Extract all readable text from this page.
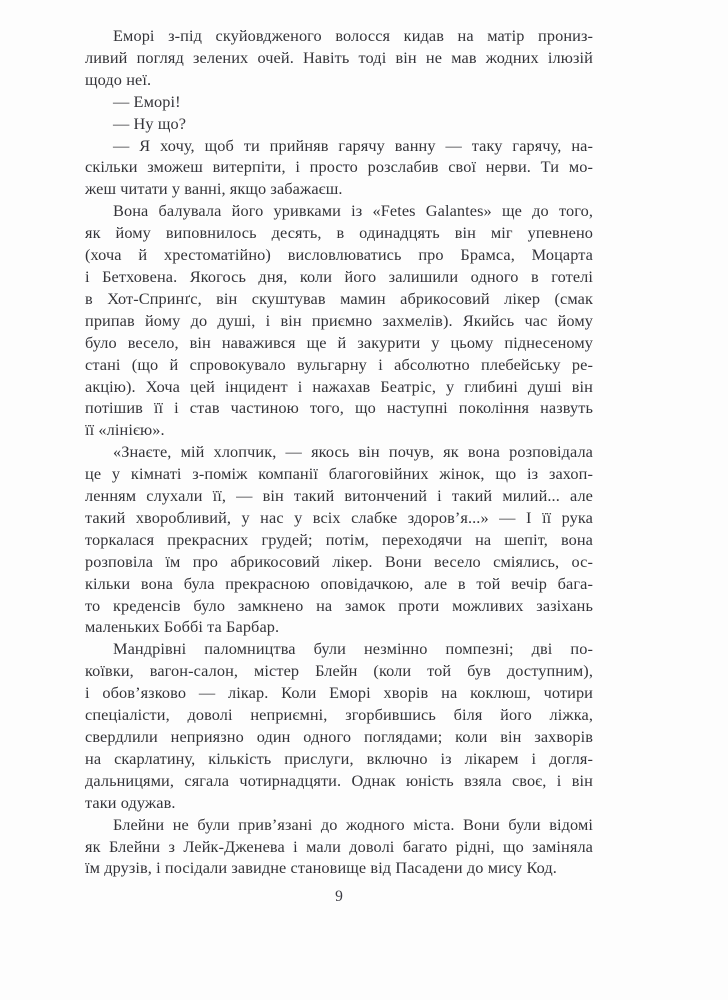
Еморі з-під скуйовдженого волосся кидав на матір прониз-
ливий погляд зелених очей. Навіть тоді він не мав жодних ілюзій
щодо неї.
— Еморі!
— Ну що?
— Я хочу, щоб ти прийняв гарячу ванну — таку гарячу, на-
скільки зможеш витерпіти, і просто розслабив свої нерви. Ти мо-
жеш читати у ванні, якщо забажаєш.
Вона балувала його уривками із «Fetes Galantes» ще до того,
як йому виповнилось десять, в одинадцять він міг упевнено
(хоча й хрестоматійно) висловлюватись про Брамса, Моцарта
і Бетховена. Якогось дня, коли його залишили одного в готелі
в Хот-Спринґс, він скуштував мамин абрикосовий лікер (смак
припав йому до душі, і він приємно захмелів). Якийсь час йому
було весело, він наважився ще й закурити у цьому піднесеному
стані (що й спровокувало вульгарну і абсолютно плебейську ре-
акцію). Хоча цей інцидент і нажахав Беатріс, у глибині душі він
потішив її і став частиною того, що наступні покоління назвуть
її «лінією».
«Знаєте, мій хлопчик, — якось він почув, як вона розповідала
це у кімнаті з-поміж компанії благоговійних жінок, що із захоп-
ленням слухали її, — він такий витончений і такий милий... але
такий хворобливий, у нас у всіх слабке здоров’я...» — І її рука
торкалася прекрасних грудей; потім, переходячи на шепіт, вона
розповіла їм про абрикосовий лікер. Вони весело сміялись, ос-
кільки вона була прекрасною оповідачкою, але в той вечір бага-
то креденсів було замкнено на замок проти можливих зазіхань
маленьких Боббі та Барбар.
Мандрівні паломництва були незмінно помпезні; дві по-
коївки, вагон-салон, містер Блейн (коли той був доступним),
і обов’язково — лікар. Коли Еморі хворів на коклюш, чотири
спеціалісти, доволі неприємні, згорбившись біля його ліжка,
свердлили неприязно один одного поглядами; коли він захворів
на скарлатину, кількість прислуги, включно із лікарем і догля-
дальницями, сягала чотирнадцяти. Однак юність взяла своє, і він
таки одужав.
Блейни не були прив’язані до жодного міста. Вони були відомі
як Блейни з Лейк-Дженева і мали доволі багато рідні, що заміняла
їм друзів, і посідали завидне становище від Пасадени до мису Код.
9
